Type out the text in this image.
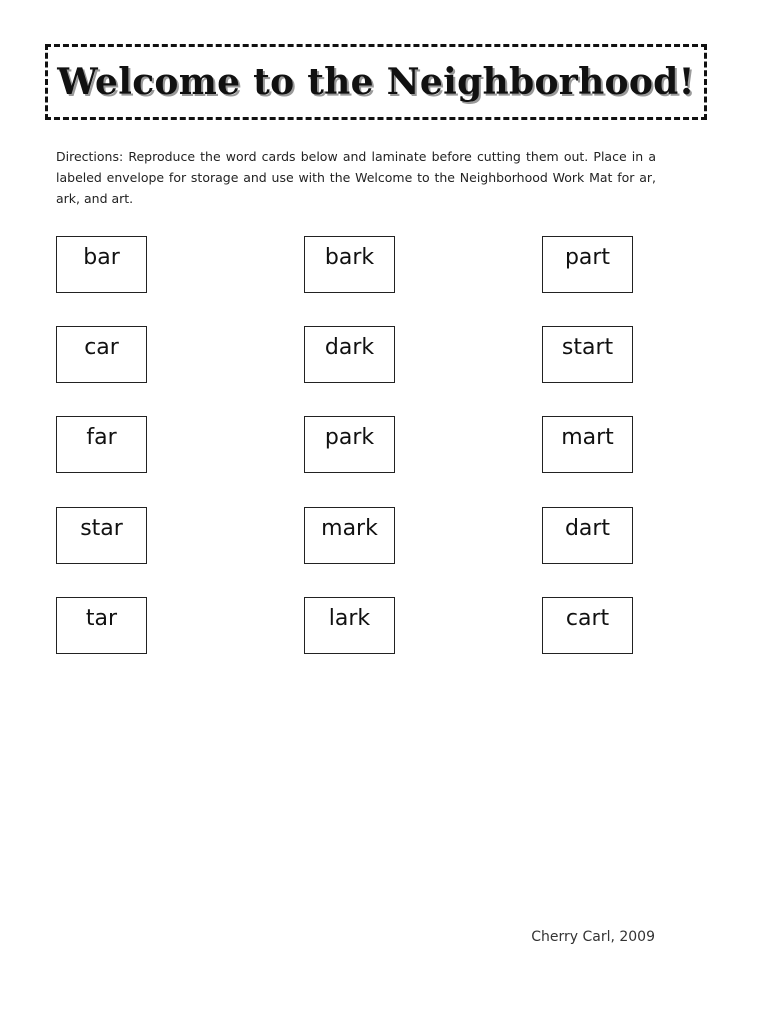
Welcome to the Neighborhood!

Directions: Reproduce the word cards below and laminate before cutting them out. Place in a labeled envelope for storage and use with the Welcome to the Neighborhood Work Mat for ar, ark, and art.

bar
car
far
star
tar
bark
dark
park
mark
lark
part
start
mart
dart
cart
Cherry Carl, 2009
